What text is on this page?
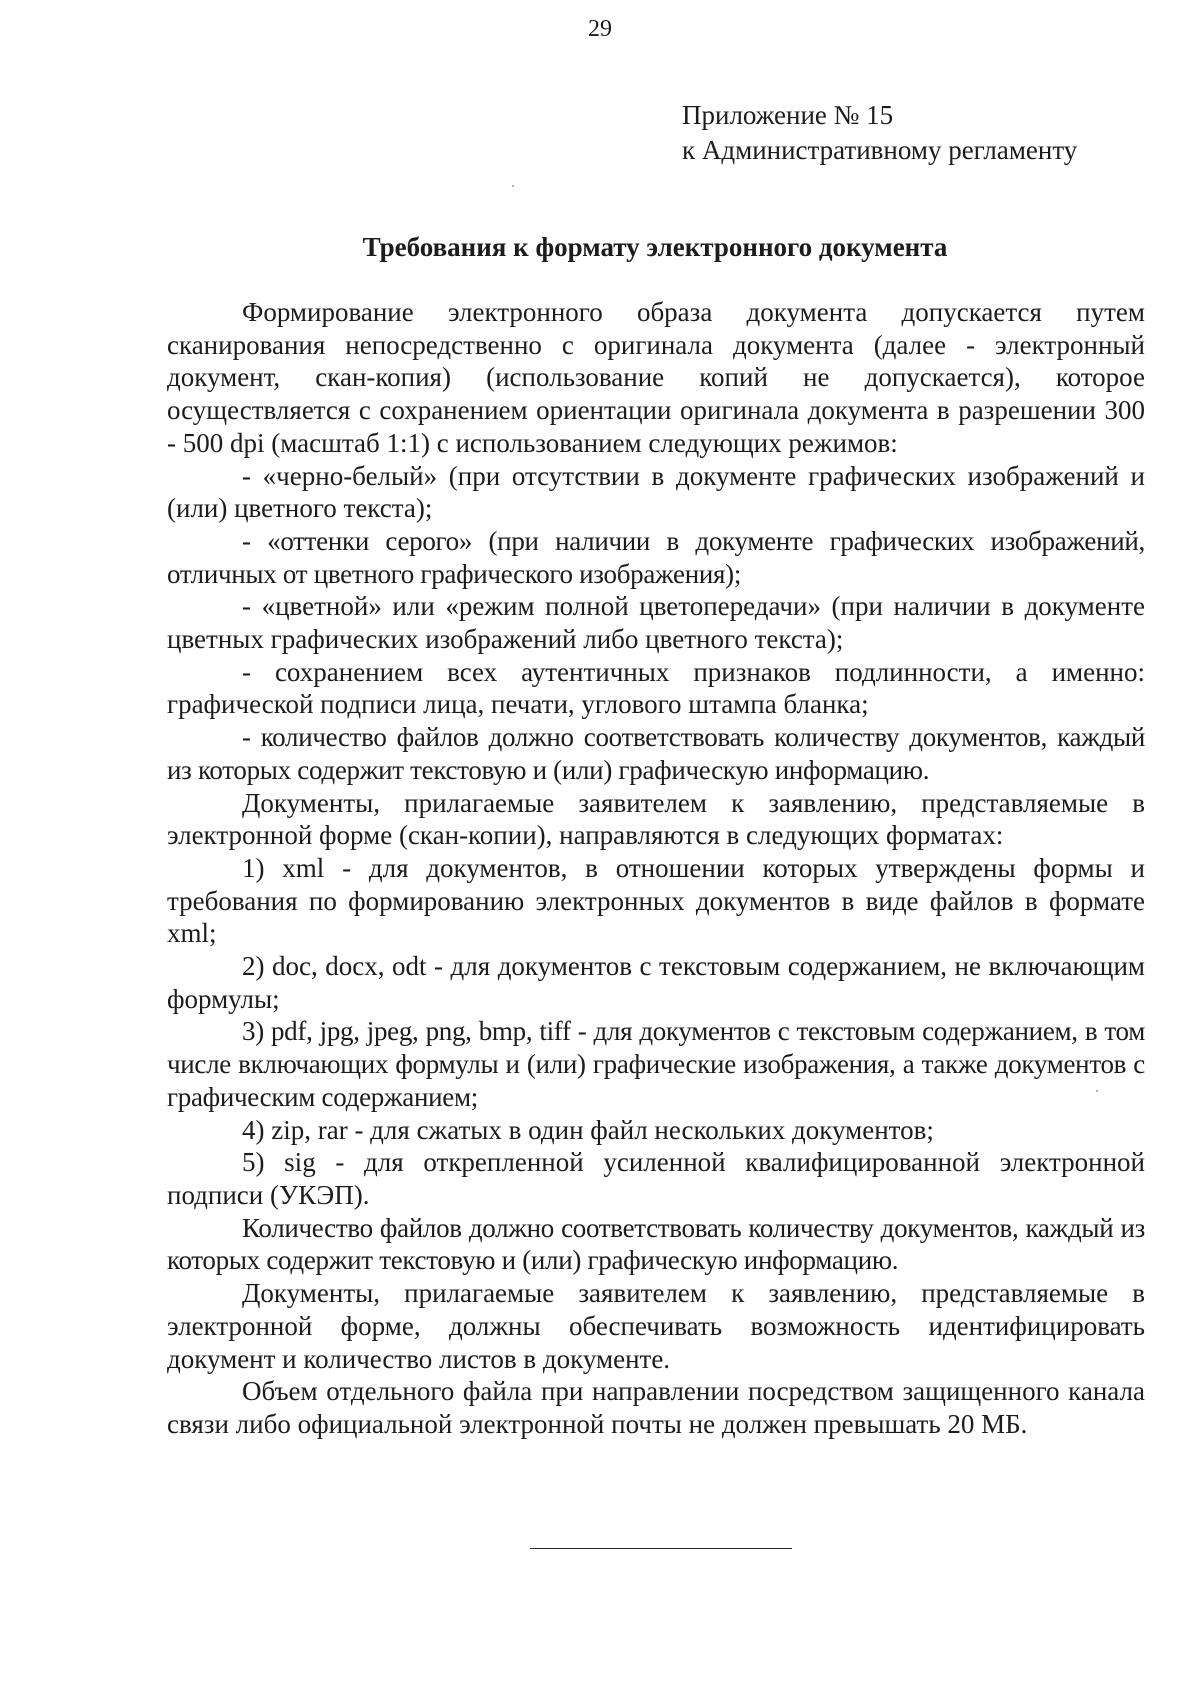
29
Приложение № 15
к Административному регламенту
Требования к формату электронного документа

Формирование электронного образа документа допускается путем сканирования непосредственно с оригинала документа (далее - электронный документ, скан-копия) (использование копий не допускается), которое осуществляется с сохранением ориентации оригинала документа в разрешении 300 - 500 dpi (масштаб 1:1) с использованием следующих режимов:

- «черно-белый» (при отсутствии в документе графических изображений и (или) цветного текста);

- «оттенки серого» (при наличии в документе графических изображений, отличных от цветного графического изображения);

- «цветной» или «режим полной цветопередачи» (при наличии в документе цветных графических изображений либо цветного текста);

- сохранением всех аутентичных признаков подлинности, а именно: графической подписи лица, печати, углового штампа бланка;

- количество файлов должно соответствовать количеству документов, каждый из которых содержит текстовую и (или) графическую информацию.

Документы, прилагаемые заявителем к заявлению, представляемые в электронной форме (скан-копии), направляются в следующих форматах:

1) xml - для документов, в отношении которых утверждены формы и требования по формированию электронных документов в виде файлов в формате xml;

2) doc, docx, odt - для документов с текстовым содержанием, не включающим формулы;

3) pdf, jpg, jpeg, png, bmp, tiff - для документов с текстовым содержанием, в том числе включающих формулы и (или) графические изображения, а также документов с графическим содержанием;

4) zip, rar - для сжатых в один файл нескольких документов;

5) sig - для открепленной усиленной квалифицированной электронной подписи (УКЭП).

Количество файлов должно соответствовать количеству документов, каждый из которых содержит текстовую и (или) графическую информацию.

Документы, прилагаемые заявителем к заявлению, представляемые в электронной форме, должны обеспечивать возможность идентифицировать документ и количество листов в документе.

Объем отдельного файла при направлении посредством защищенного канала связи либо официальной электронной почты не должен превышать 20 МБ.
